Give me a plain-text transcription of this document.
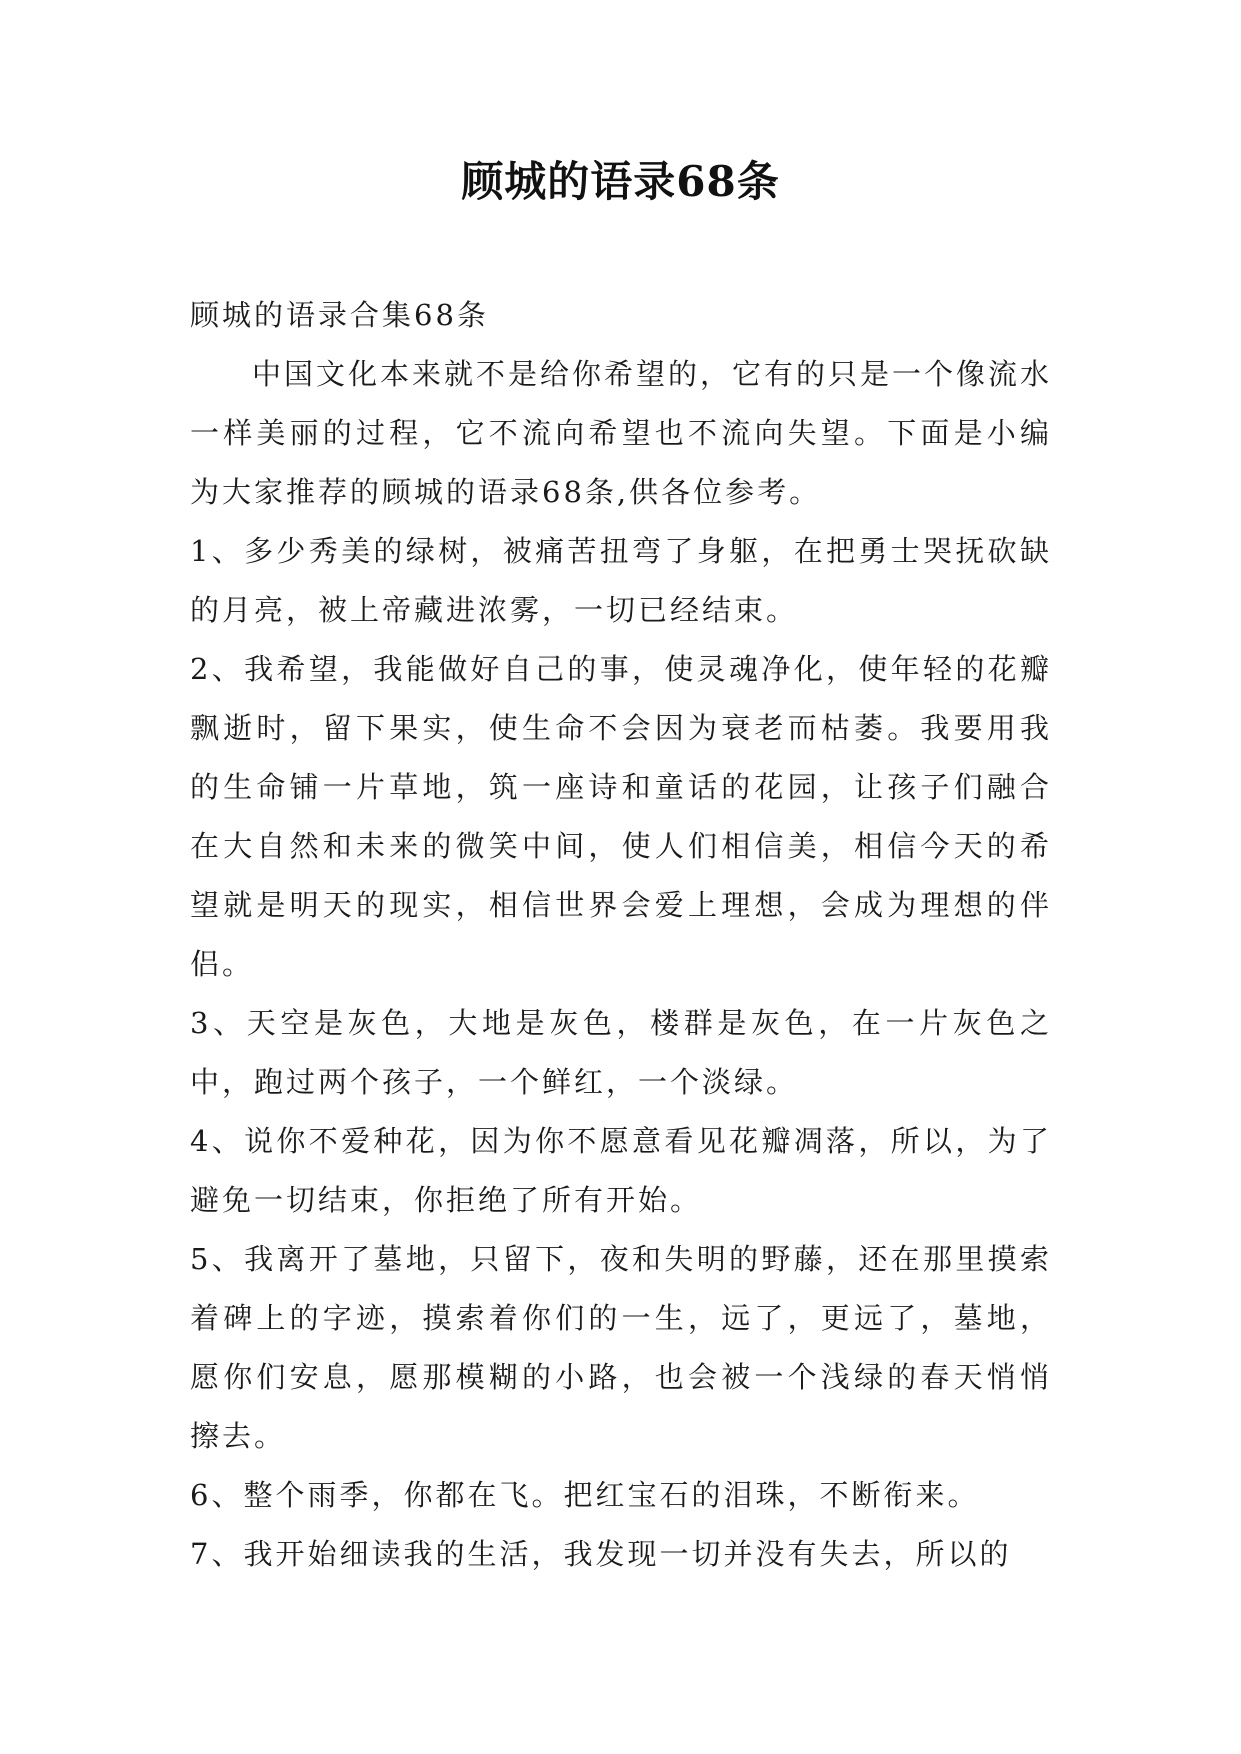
顾城的语录68条

顾城的语录合集68条

中国文化本来就不是给你希望的，它有的只是一个像流水一样美丽的过程，它不流向希望也不流向失望。下面是小编为大家推荐的顾城的语录68条,供各位参考。

1、多少秀美的绿树，被痛苦扭弯了身躯，在把勇士哭抚砍缺的月亮，被上帝藏进浓雾，一切已经结束。

2、我希望，我能做好自己的事，使灵魂净化，使年轻的花瓣飘逝时，留下果实，使生命不会因为衰老而枯萎。我要用我的生命铺一片草地，筑一座诗和童话的花园，让孩子们融合在大自然和未来的微笑中间，使人们相信美，相信今天的希望就是明天的现实，相信世界会爱上理想，会成为理想的伴侣。

3、天空是灰色，大地是灰色，楼群是灰色，在一片灰色之中，跑过两个孩子，一个鲜红，一个淡绿。

4、说你不爱种花，因为你不愿意看见花瓣凋落，所以，为了避免一切结束，你拒绝了所有开始。

5、我离开了墓地，只留下，夜和失明的野藤，还在那里摸索着碑上的字迹，摸索着你们的一生，远了，更远了，墓地，愿你们安息，愿那模糊的小路，也会被一个浅绿的春天悄悄擦去。

6、整个雨季，你都在飞。把红宝石的泪珠，不断衔来。

7、我开始细读我的生活，我发现一切并没有失去，所以的
